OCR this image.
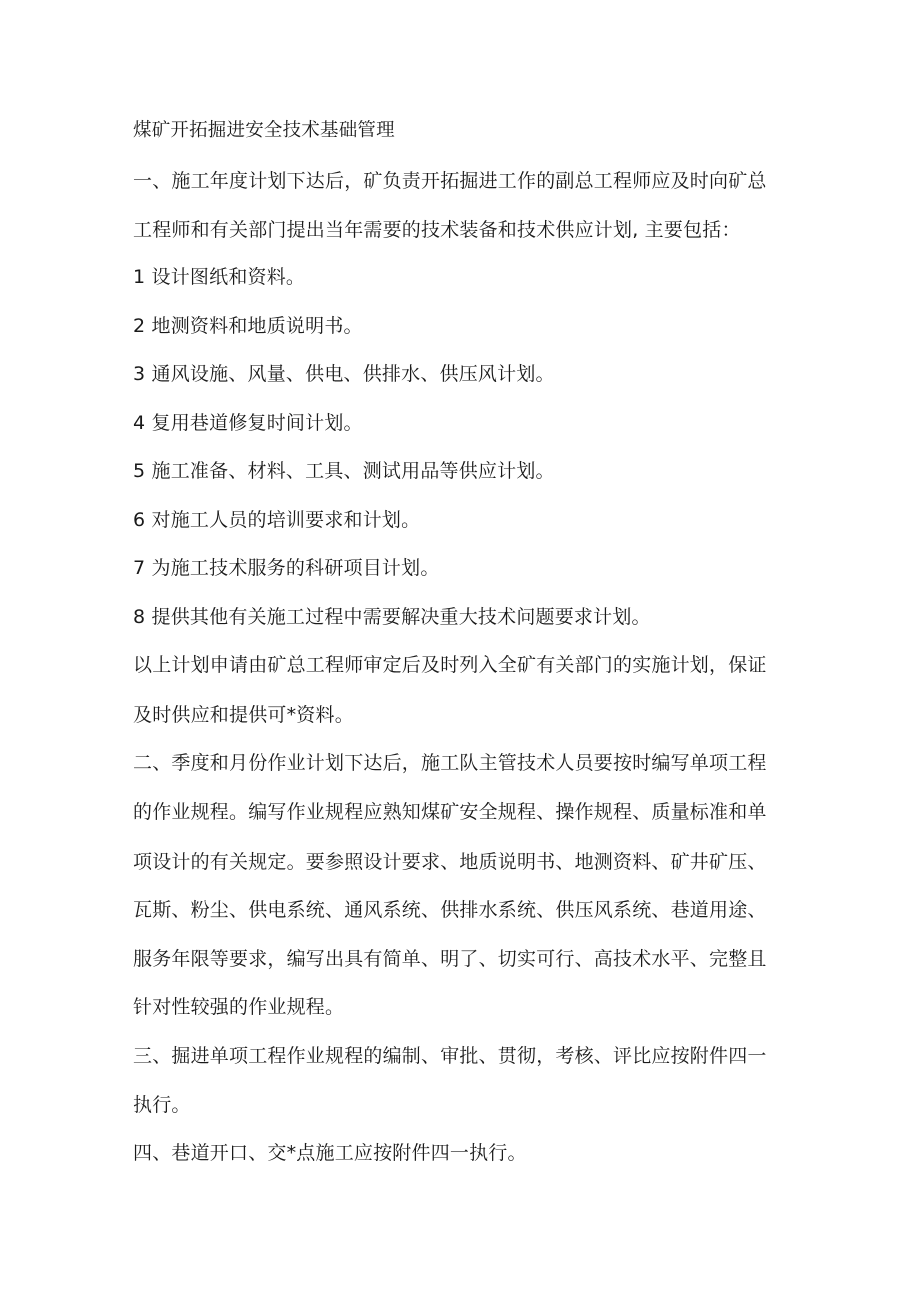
煤矿开拓掘进安全技术基础管理
一、施工年度计划下达后，矿负责开拓掘进工作的副总工程师应及时向矿总
工程师和有关部门提出当年需要的技术装备和技术供应计划, 主要包括：
1 设计图纸和资料。
2 地测资料和地质说明书。
3 通风设施、风量、供电、供排水、供压风计划。
4 复用巷道修复时间计划。
5 施工准备、材料、工具、测试用品等供应计划。
6 对施工人员的培训要求和计划。
7 为施工技术服务的科研项目计划。
8 提供其他有关施工过程中需要解决重大技术问题要求计划。
以上计划申请由矿总工程师审定后及时列入全矿有关部门的实施计划，保证
及时供应和提供可*资料。
二、季度和月份作业计划下达后，施工队主管技术人员要按时编写单项工程
的作业规程。编写作业规程应熟知煤矿安全规程、操作规程、质量标准和单
项设计的有关规定。要参照设计要求、地质说明书、地测资料、矿井矿压、
瓦斯、粉尘、供电系统、通风系统、供排水系统、供压风系统、巷道用途、
服务年限等要求，编写出具有简单、明了、切实可行、高技术水平、完整且
针对性较强的作业规程。
三、掘进单项工程作业规程的编制、审批、贯彻，考核、评比应按附件四一
执行。
四、巷道开口、交*点施工应按附件四一执行。
